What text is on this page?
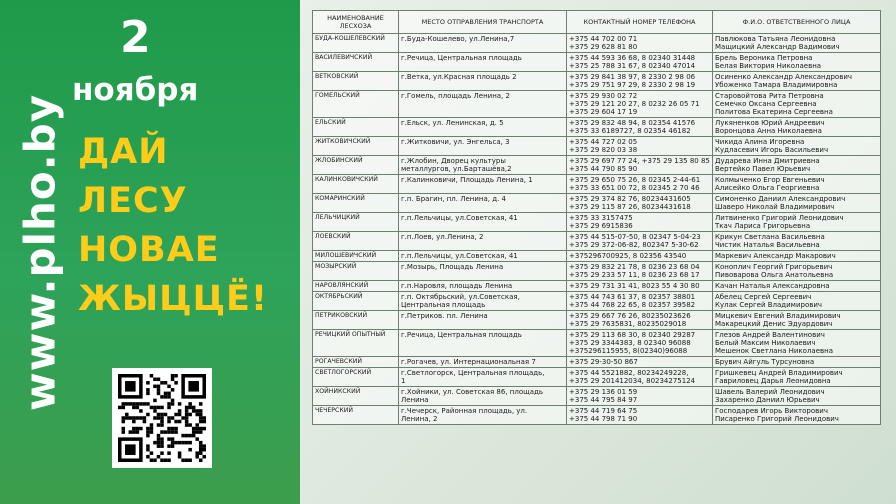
www.plho.by
2
ноября
ДАЙ
ЛЕСУ
НОВАЕ
ЖЫЦЦЁ!
НАИМЕНОВАНИЕ ЛЕСХОЗА	МЕСТО ОТПРАВЛЕНИЯ ТРАНСПОРТА	КОНТАКТНЫЙ НОМЕР ТЕЛЕФОНА	Ф.И.О. ОТВЕТСТВЕННОГО ЛИЦА
БУДА-КОШЕЛЕВСКИЙ	г.Буда-Кошелево, ул.Ленина,7	+375 44 702 00 71
+375 29 628 81 80	Павлюкова Татьяна Леонидовна
Мащицкий Александр Вадимович

ВАСИЛЕВИЧСКИЙ	г.Речица, Центральная площадь	+375 44 593 36 68, 8 02340 31448
+375 25 788 31 67, 8 02340 47014	Брель Вероника Петровна
Белая Виктория Николаевна

ВЕТКОВСКИЙ	г.Ветка, ул.Красная площадь 2	+375 29 841 38 97, 8 2330 2 98 06
+375 29 751 97 29, 8 2330 2 98 19	Осиненко Александр Александрович
Убоженко Тамара Владимировна

ГОМЕЛЬСКИЙ	г.Гомель, площадь Ленина, 2	+375 29 930 02 72
+375 29 121 20 27, 8 0232 26 05 71
+375 29 604 17 19	Старовойтова Рита Петровна
Семечко Оксана Сергеевна
Политова Екатерина Сергеевна

ЕЛЬСКИЙ	г.Ельск, ул. Ленинская, д. 5	+375 29 832 48 94, 8 02354 41576
+375 33 6189727, 8 02354 46182	Лукяненков Юрий Андреевич
Воронцова Анна Николаевна

ЖИТКОВИЧСКИЙ	г.Житковичи, ул. Энгельса, 3	+375 44 727 02 05
+375 29 820 03 38	Чикида Алина Игоревна
Кудласевич Игорь Васильевич

ЖЛОБИНСКИЙ	г.Жлобин, Дворец культуры
металлургов, ул.Барташёва,2	+375 29 697 77 24, +375 29 135 80 85
+375 44 790 85 90	Дударева Инна Дмитриевна
Вертейко Павел Юрьевич

КАЛИНКОВИЧСКИЙ	г.Калинковичи, Площадь Ленина, 1	+375 29 650 75 26, 8 02345 2-44-61
+375 33 651 00 72, 8 02345 2 70 46	Колмыченко Егор Евгеньевич
Алисейко Ольга Георгиевна

КОМАРИНСКИЙ	г.п. Брагин, пл. Ленина, д. 4	+375 29 374 82 76, 80234431605
+375 29 115 87 26, 80234431618	Симоненко Даниил Александрович
Шаверо Николай Владимирович

ЛЕЛЬЧИЦКИЙ	г.п.Лельчицы, ул.Советская, 41	+375 33 3157475
+375 29 6915836	Литвиненко Григорий Леонидович
Ткач Лариса Григорьевна

ЛОЕВСКИЙ	г.п.Лоев, ул.Ленина, 2	+375 44 515-07-50, 8 02347 5-04-23
+375 29 372-06-82, 802347 5-30-62	Крикун Светлана Васильевна
Чистик Наталья Васильевна

МИЛОШЕВИЧСКИЙ	г.п.Лельчицы, ул.Советская, 41	+375296700925, 8 02356 43540	Маркевич Александр Макарович

МОЗЫРСКИЙ	г.Мозырь, Площадь Ленина	+375 29 832 21 78, 8 0236 23 68 04
+375 29 233 57 11, 8 0236 23 68 17	Коноплич Георгий Григорьевич
Пивоварова Ольга Анатольевна

НАРОВЛЯНСКИЙ	г.п.Наровля, площадь Ленина	+375 29 731 31 41, 8023 55 4 30 80	Качан Наталья Александровна

ОКТЯБРЬСКИЙ	г.п. Октябрьский, ул.Советская,
Центральная площадь	+375 44 743 61 37, 8 02357 38801
+375 44 768 22 65, 8 02357 39582	Абелец Сергей Сергеевич
Кулак Сергей Владимирович

ПЕТРИКОВСКИЙ	г.Петриков. пл. Ленина	+375 29 667 76 26, 80235023626
+375 29 7635831, 80235029018	Мицкевич Евгений Владимирович
Макарецкий Денис Эдуардович

РЕЧИЦКИЙ ОПЫТНЫЙ	г.Речица, Центральная площадь	+375 29 113 68 30, 8 02340 29287
+375 29 3344383, 8 02340 96088
+375296115955, 8(02340)96088	Глезов Андрей Валентинович
Белый Максим Николаевич
Мешенок Светлана Николаевна

РОГАЧЕВСКИЙ	г.Рогачев, ул. Интернациональная 7	+375 29-30-50 867	Брувич Айгуль Турсуновна

СВЕТЛОГОРСКИЙ	г.Светлогорск, Центральная площадь,
1	+375 44 5521882, 80234249228,
+375 29 201412034, 80234275124	Гришкевец Андрей Владимирович
Гавриловец Дарья Леонидовна

ХОЙНИКСКИЙ	г.Хойники, ул. Советская 86, площадь
Ленина	+375 29 136 01 59
+375 44 795 84 97	Шавель Валерий Леонидович
Захаренко Даниил Юрьевич

ЧЕЧЕРСКИЙ	г.Чечерск, Районная площадь, ул.
Ленина, 2	+375 44 719 64 75
+375 44 798 71 90	Господарев Игорь Викторович
Писаренко Григорий Леонидович
